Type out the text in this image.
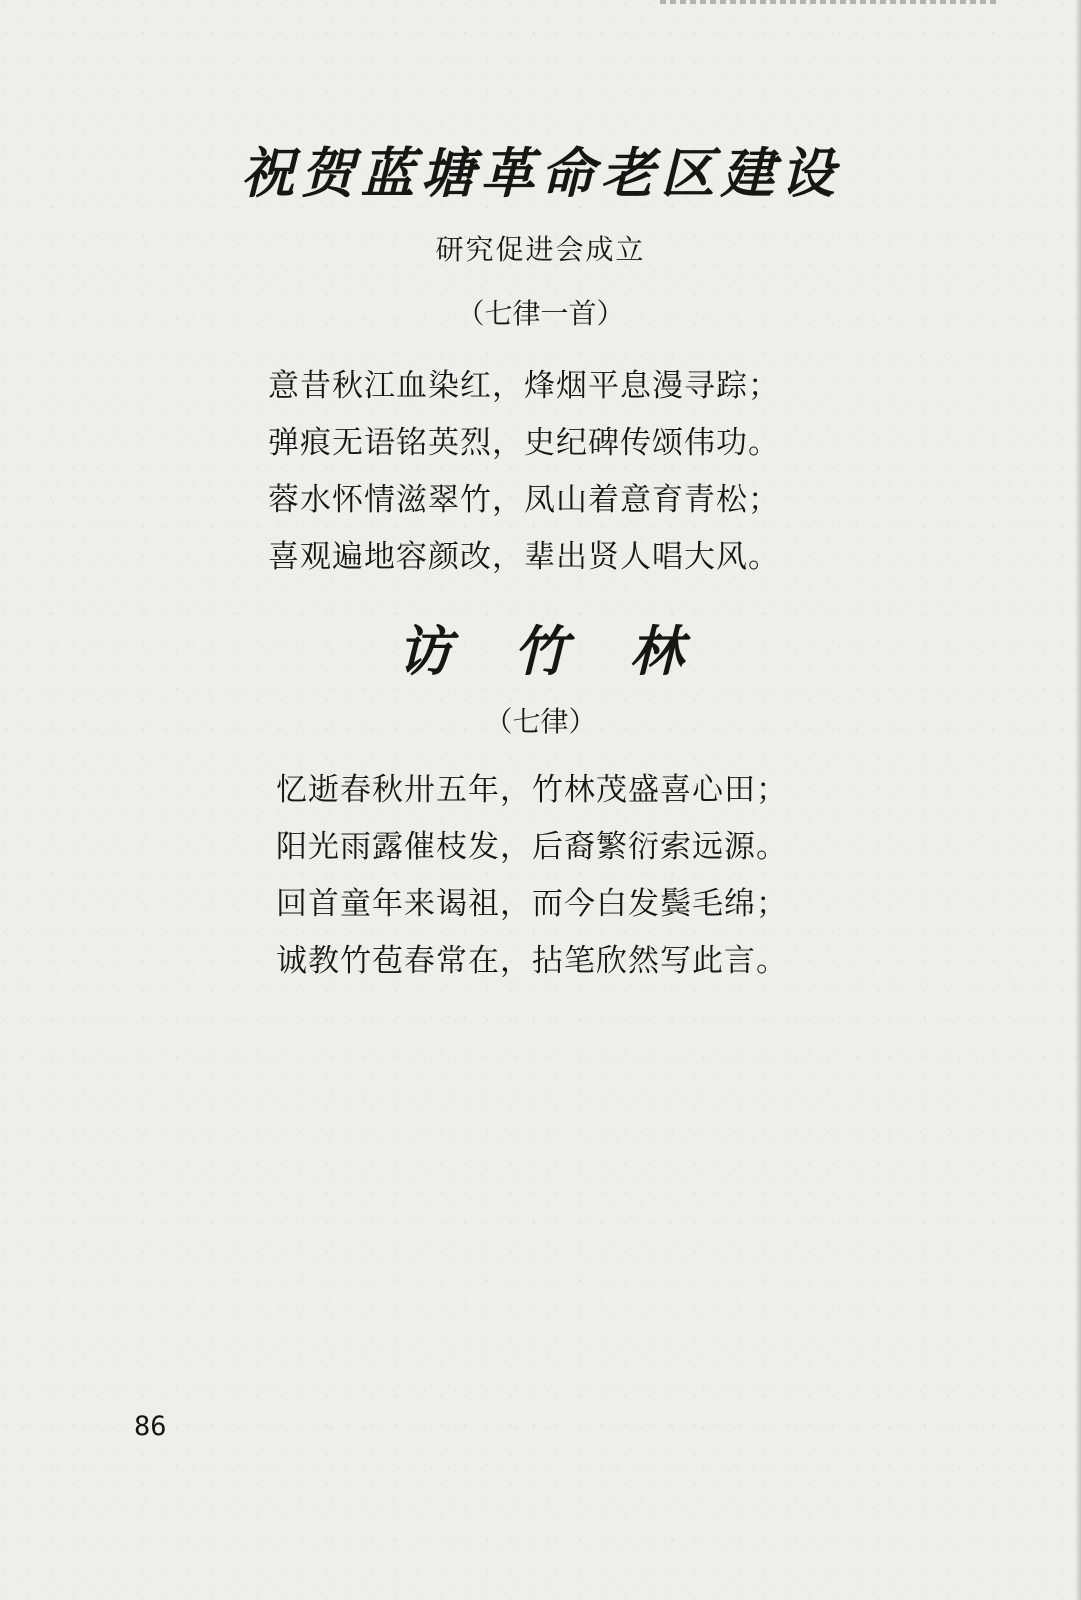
祝贺蓝塘革命老区建设
研究促进会成立
（七律一首）
意昔秋江血染红，烽烟平息漫寻踪；
弹痕无语铭英烈，史纪碑传颂伟功。
蓉水怀情滋翠竹，凤山着意育青松；
喜观遍地容颜改，辈出贤人唱大风。
访竹林
（七律）
忆逝春秋卅五年，竹林茂盛喜心田；
阳光雨露催枝发，后裔繁衍索远源。
回首童年来谒祖，而今白发鬓毛绵；
诚教竹苞春常在，拈笔欣然写此言。
86
